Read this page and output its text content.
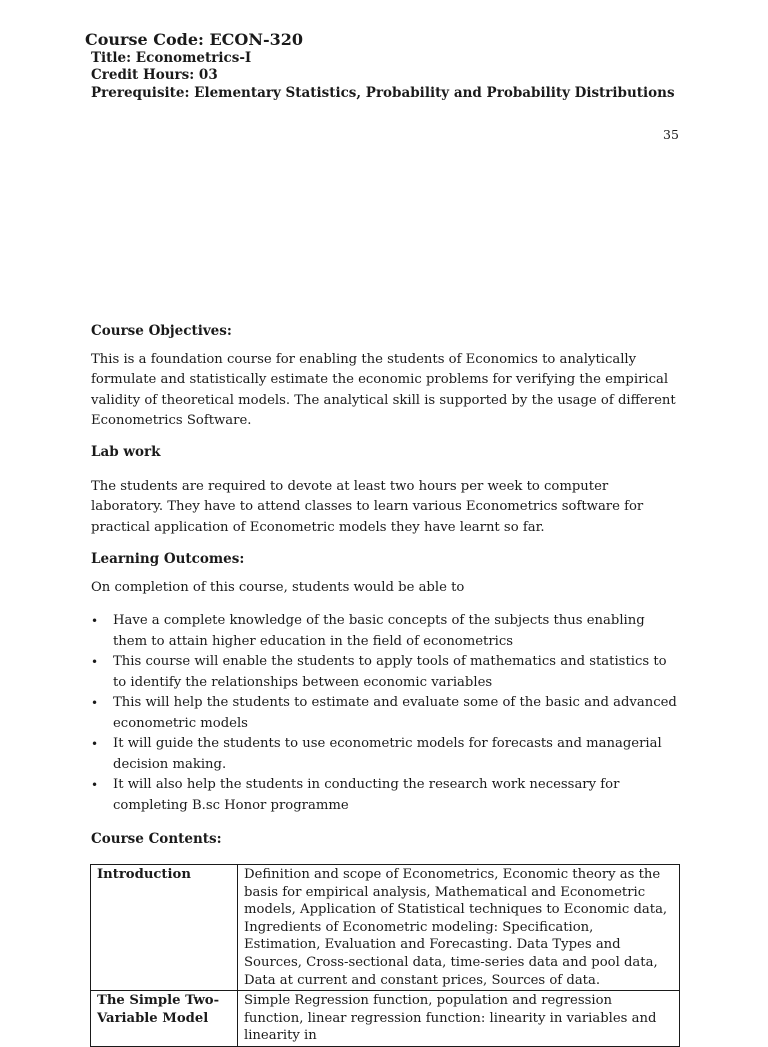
Course Code: ECON-320
Title: Econometrics-I
Credit Hours: 03
Prerequisite: Elementary Statistics, Probability and Probability Distributions
35
Course Objectives:
This is a foundation course for enabling the students of Economics to analytically formulate and statistically estimate the economic problems for verifying the empirical validity of theoretical models. The analytical skill is supported by the usage of different Econometrics Software.
Lab work
The students are required to devote at least two hours per week to computer laboratory. They have to attend classes to learn various Econometrics software for practical application of Econometric models they have learnt so far.
Learning Outcomes:
On completion of this course, students would be able to
• Have a complete knowledge of the basic concepts of the subjects thus enabling them to attain higher education in the field of econometrics
• This course will enable the students to apply tools of mathematics and statistics to to identify the relationships between economic variables
• This will help the students to estimate and evaluate some of the basic and advanced econometric models
• It will guide the students to use econometric models for forecasts and managerial decision making.
• It will also help the students in conducting the research work necessary for completing B.sc Honor programme
Course Contents:
Introduction	Definition and scope of Econometrics, Economic theory as the basis for empirical analysis, Mathematical and Econometric models, Application of Statistical techniques to Economic data, Ingredients of Econometric modeling: Specification, Estimation, Evaluation and Forecasting. Data Types and Sources, Cross-sectional data, time-series data and pool data, Data at current and constant prices, Sources of data.
The Simple Two-Variable Model	Simple Regression function, population and regression function, linear regression function: linearity in variables and linearity in
